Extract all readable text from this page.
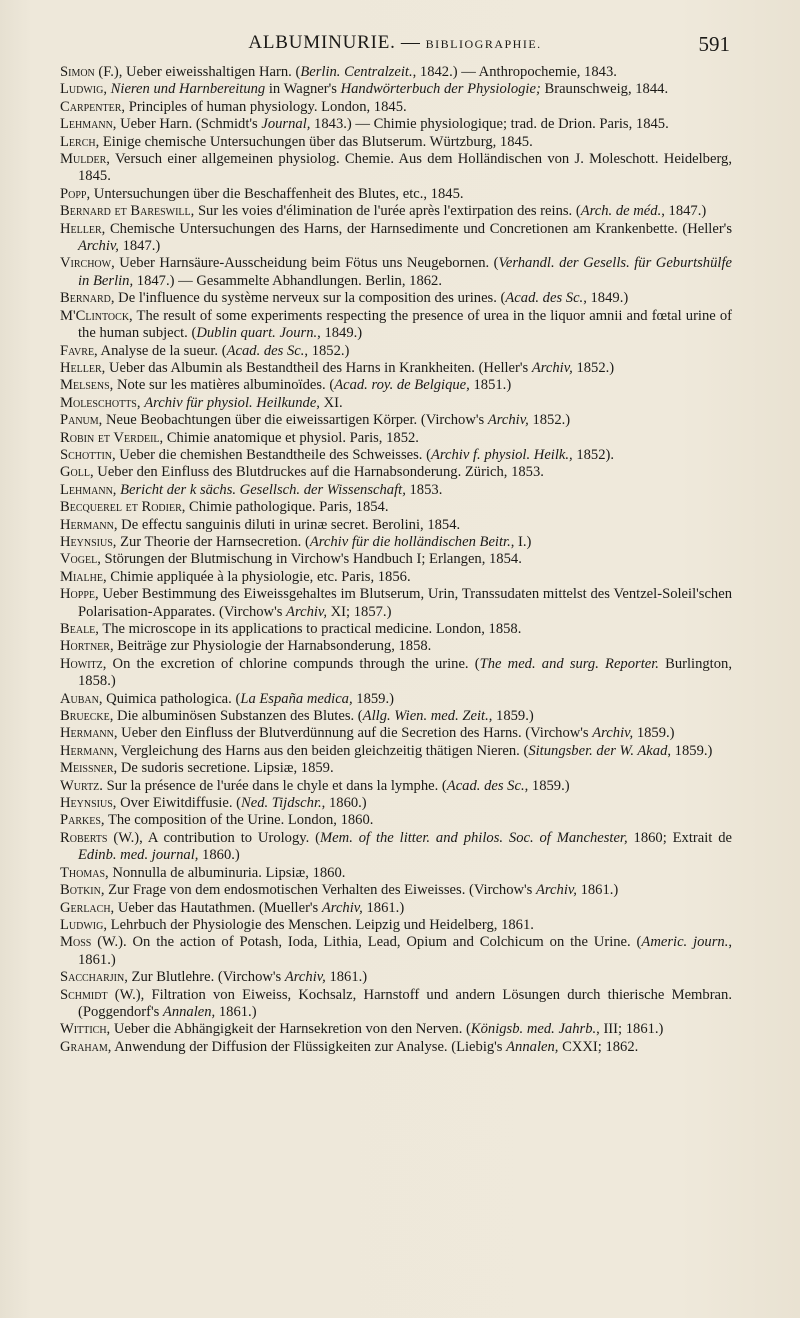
ALBUMINURIE. — BIBLIOGRAPHIE.	591
Simon (F.), Ueber eiweisshaltigen Harn. (Berlin. Centralzeit., 1842.) — Anthropochemie, 1843.
Ludwig, Nieren und Harnbereitung in Wagner's Handwörterbuch der Physiologie; Braunschweig, 1844.
Carpenter, Principles of human physiology. London, 1845.
Lehmann, Ueber Harn. (Schmidt's Journal, 1843.) — Chimie physiologique; trad. de Drion. Paris, 1845.
Lerch, Einige chemische Untersuchungen über das Blutserum. Würtzburg, 1845.
Mulder, Versuch einer allgemeinen physiolog. Chemie. Aus dem Holländischen von J. Moleschott. Heidelberg, 1845.
Popp, Untersuchungen über die Beschaffenheit des Blutes, etc., 1845.
Bernard et Bareswill, Sur les voies d'élimination de l'urée après l'extirpation des reins. (Arch. de méd., 1847.)
Heller, Chemische Untersuchungen des Harns, der Harnsedimente und Concretionen am Krankenbette. (Heller's Archiv, 1847.)
Virchow, Ueber Harnsäure-Ausscheidung beim Fötus uns Neugebornen. (Verhandl. der Gesells. für Geburtshülfe in Berlin, 1847.) — Gesammelte Abhandlungen. Berlin, 1862.
Bernard, De l'influence du système nerveux sur la composition des urines. (Acad. des Sc., 1849.)
M'Clintock, The result of some experiments respecting the presence of urea in the liquor amnii and fœtal urine of the human subject. (Dublin quart. Journ., 1849.)
Favre, Analyse de la sueur. (Acad. des Sc., 1852.)
Heller, Ueber das Albumin als Bestandtheil des Harns in Krankheiten. (Heller's Archiv, 1852.)
Melsens, Note sur les matières albuminoïdes. (Acad. roy. de Belgique, 1851.)
Moleschotts, Archiv für physiol. Heilkunde, XI.
Panum, Neue Beobachtungen über die eiweissartigen Körper. (Virchow's Archiv, 1852.)
Robin et Verdeil, Chimie anatomique et physiol. Paris, 1852.
Schottin, Ueber die chemishen Bestandtheile des Schweisses. (Archiv f. physiol. Heilk., 1852).
Goll, Ueber den Einfluss des Blutdruckes auf die Harnabsonderung. Zürich, 1853.
Lehmann, Bericht der k sächs. Gesellsch. der Wissenschaft, 1853.
Becquerel et Rodier, Chimie pathologique. Paris, 1854.
Hermann, De effectu sanguinis diluti in urinæ secret. Berolini, 1854.
Heynsius, Zur Theorie der Harnsecretion. (Archiv für die holländischen Beitr., I.)
Vogel, Störungen der Blutmischung in Virchow's Handbuch I; Erlangen, 1854.
Mialhe, Chimie appliquée à la physiologie, etc. Paris, 1856.
Hoppe, Ueber Bestimmung des Eiweissgehaltes im Blutserum, Urin, Transsudaten mittelst des Ventzel-Soleil'schen Polarisation-Apparates. (Virchow's Archiv, XI; 1857.)
Beale, The microscope in its applications to practical medicine. London, 1858.
Hortner, Beiträge zur Physiologie der Harnabsonderung, 1858.
Howitz, On the excretion of chlorine compunds through the urine. (The med. and surg. Reporter. Burlington, 1858.)
Auban, Quimica pathologica. (La España medica, 1859.)
Bruecke, Die albuminösen Substanzen des Blutes. (Allg. Wien. med. Zeit., 1859.)
Hermann, Ueber den Einfluss der Blutverdünnung auf die Secretion des Harns. (Virchow's Archiv, 1859.)
Hermann, Vergleichung des Harns aus den beiden gleichzeitig thätigen Nieren. (Situngsber. der W. Akad, 1859.)
Meissner, De sudoris secretione. Lipsiæ, 1859.
Wurtz. Sur la présence de l'urée dans le chyle et dans la lymphe. (Acad. des Sc., 1859.)
Heynsius, Over Eiwitdiffusie. (Ned. Tijdschr., 1860.)
Parkes, The composition of the Urine. London, 1860.
Roberts (W.), A contribution to Urology. (Mem. of the litter. and philos. Soc. of Manchester, 1860; Extrait de Edinb. med. journal, 1860.)
Thomas, Nonnulla de albuminuria. Lipsiæ, 1860.
Botkin, Zur Frage von dem endosmotischen Verhalten des Eiweisses. (Virchow's Archiv, 1861.)
Gerlach, Ueber das Hautathmen. (Mueller's Archiv, 1861.)
Ludwig, Lehrbuch der Physiologie des Menschen. Leipzig und Heidelberg, 1861.
Moss (W.). On the action of Potash, Ioda, Lithia, Lead, Opium and Colchicum on the Urine. (Americ. journ., 1861.)
Saccharjin, Zur Blutlehre. (Virchow's Archiv, 1861.)
Schmidt (W.), Filtration von Eiweiss, Kochsalz, Harnstoff und andern Lösungen durch thierische Membran. (Poggendorf's Annalen, 1861.)
Wittich, Ueber die Abhängigkeit der Harnsekretion von den Nerven. (Königsb. med. Jahrb., III; 1861.)
Graham, Anwendung der Diffusion der Flüssigkeiten zur Analyse. (Liebig's Annalen, CXXI; 1862.
